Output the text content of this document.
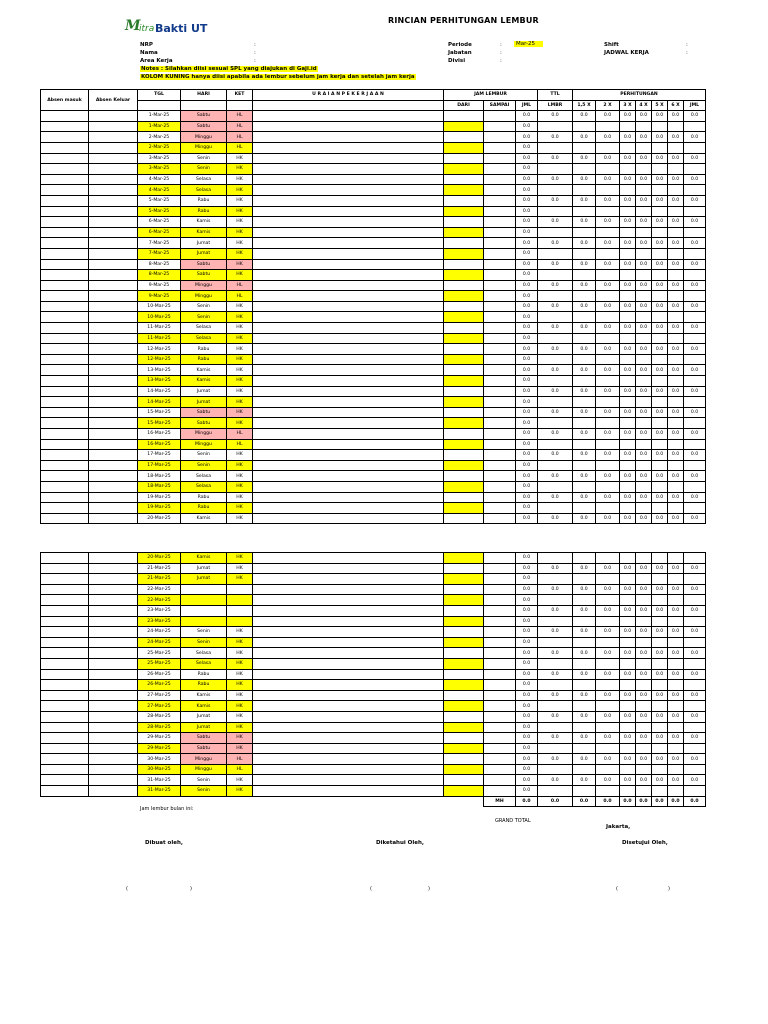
M
itra Bakti UT
RINCIAN PERHITUNGAN LEMBUR
NRP
Nama
Area Kerja
:
:
:
Periode
Jabatan
Divisi
:
:
:
Mar-25	Shift
JADWAL KERJA
:
:
Notes : Silahkan diisi sesuai SPL yang diajukan di Gaji.id
KOLOM KUNING hanya diisi apabila ada lembur sebelum jam kerja dan setelah jam kerja
Absen masuk	Absen Keluar	TGL	HARI	KET	U R A I A N P E K E R J A A N	JAM LEMBUR			TTL	PERHITUNGAN						
						DARI	SAMPAI	JML	LMBR	1,5 X	2 X	3 X	4 X	5 X	6 X	JML
		1-Mar-25	Sabtu	HL				0.0	0.0	0.0	0.0	0.0	0.0	0.0	0.0	0.0
		1-Mar-25	Sabtu	HL				0.0								
		2-Mar-25	Minggu	HL				0.0	0.0	0.0	0.0	0.0	0.0	0.0	0.0	0.0
		2-Mar-25	Minggu	HL				0.0								
		3-Mar-25	Senin	HK				0.0	0.0	0.0	0.0	0.0	0.0	0.0	0.0	0.0
		3-Mar-25	Senin	HK				0.0								
		4-Mar-25	Selasa	HK				0.0	0.0	0.0	0.0	0.0	0.0	0.0	0.0	0.0
		4-Mar-25	Selasa	HK				0.0								
		5-Mar-25	Rabu	HK				0.0	0.0	0.0	0.0	0.0	0.0	0.0	0.0	0.0
		5-Mar-25	Rabu	HK				0.0								
		6-Mar-25	Kamis	HK				0.0	0.0	0.0	0.0	0.0	0.0	0.0	0.0	0.0
		6-Mar-25	Kamis	HK				0.0								
		7-Mar-25	Jumat	HK				0.0	0.0	0.0	0.0	0.0	0.0	0.0	0.0	0.0
		7-Mar-25	Jumat	HK				0.0								
		8-Mar-25	Sabtu	HK				0.0	0.0	0.0	0.0	0.0	0.0	0.0	0.0	0.0
		8-Mar-25	Sabtu	HK				0.0								
		9-Mar-25	Minggu	HL				0.0	0.0	0.0	0.0	0.0	0.0	0.0	0.0	0.0
		9-Mar-25	Minggu	HL				0.0								
		10-Mar-25	Senin	HK				0.0	0.0	0.0	0.0	0.0	0.0	0.0	0.0	0.0
		10-Mar-25	Senin	HK				0.0								
		11-Mar-25	Selasa	HK				0.0	0.0	0.0	0.0	0.0	0.0	0.0	0.0	0.0
		11-Mar-25	Selasa	HK				0.0								
		12-Mar-25	Rabu	HK				0.0	0.0	0.0	0.0	0.0	0.0	0.0	0.0	0.0
		12-Mar-25	Rabu	HK				0.0								
		13-Mar-25	Kamis	HK				0.0	0.0	0.0	0.0	0.0	0.0	0.0	0.0	0.0
		13-Mar-25	Kamis	HK				0.0								
		14-Mar-25	Jumat	HK				0.0	0.0	0.0	0.0	0.0	0.0	0.0	0.0	0.0
		14-Mar-25	Jumat	HK				0.0								
		15-Mar-25	Sabtu	HK				0.0	0.0	0.0	0.0	0.0	0.0	0.0	0.0	0.0
		15-Mar-25	Sabtu	HK				0.0								
		16-Mar-25	Minggu	HL				0.0	0.0	0.0	0.0	0.0	0.0	0.0	0.0	0.0
		16-Mar-25	Minggu	HL				0.0								
		17-Mar-25	Senin	HK				0.0	0.0	0.0	0.0	0.0	0.0	0.0	0.0	0.0
		17-Mar-25	Senin	HK				0.0								
		18-Mar-25	Selasa	HK				0.0	0.0	0.0	0.0	0.0	0.0	0.0	0.0	0.0
		18-Mar-25	Selasa	HK				0.0								
		19-Mar-25	Rabu	HK				0.0	0.0	0.0	0.0	0.0	0.0	0.0	0.0	0.0
		19-Mar-25	Rabu	HK				0.0								
		20-Mar-25	Kamis	HK				0.0	0.0	0.0	0.0	0.0	0.0	0.0	0.0	0.0
		20-Mar-25	Kamis	HK				0.0								
		21-Mar-25	Jumat	HK				0.0	0.0	0.0	0.0	0.0	0.0	0.0	0.0	0.0
		21-Mar-25	Jumat	HK				0.0								
		22-Mar-25						0.0	0.0	0.0	0.0	0.0	0.0	0.0	0.0	0.0
		22-Mar-25						0.0								
		23-Mar-25						0.0	0.0	0.0	0.0	0.0	0.0	0.0	0.0	0.0
		23-Mar-25						0.0								
		24-Mar-25	Senin	HK				0.0	0.0	0.0	0.0	0.0	0.0	0.0	0.0	0.0
		24-Mar-25	Senin	HK				0.0								
		25-Mar-25	Selasa	HK				0.0	0.0	0.0	0.0	0.0	0.0	0.0	0.0	0.0
		25-Mar-25	Selasa	HK				0.0								
		26-Mar-25	Rabu	HK				0.0	0.0	0.0	0.0	0.0	0.0	0.0	0.0	0.0
		26-Mar-25	Rabu	HK				0.0								
		27-Mar-25	Kamis	HK				0.0	0.0	0.0	0.0	0.0	0.0	0.0	0.0	0.0
		27-Mar-25	Kamis	HK				0.0								
		28-Mar-25	Jumat	HK				0.0	0.0	0.0	0.0	0.0	0.0	0.0	0.0	0.0
		28-Mar-25	Jumat	HK				0.0								
		29-Mar-25	Sabtu	HK				0.0	0.0	0.0	0.0	0.0	0.0	0.0	0.0	0.0
		29-Mar-25	Sabtu	HK				0.0								
		30-Mar-25	Minggu	HL				0.0	0.0	0.0	0.0	0.0	0.0	0.0	0.0	0.0
		30-Mar-25	Minggu	HL				0.0								
		31-Mar-25	Senin	HK				0.0	0.0	0.0	0.0	0.0	0.0	0.0	0.0	0.0
		31-Mar-25	Senin	HK				0.0								
							MH	0.0	0.0	0.0	0.0	0.0	0.0	0.0	0.0	0.0
Jam lembur bulan ini:
GRAND TOTAL
Jakarta,
Dibuat oleh,	Diketahui Oleh,	Disetujui Oleh,
(	)	(	)	(	)
